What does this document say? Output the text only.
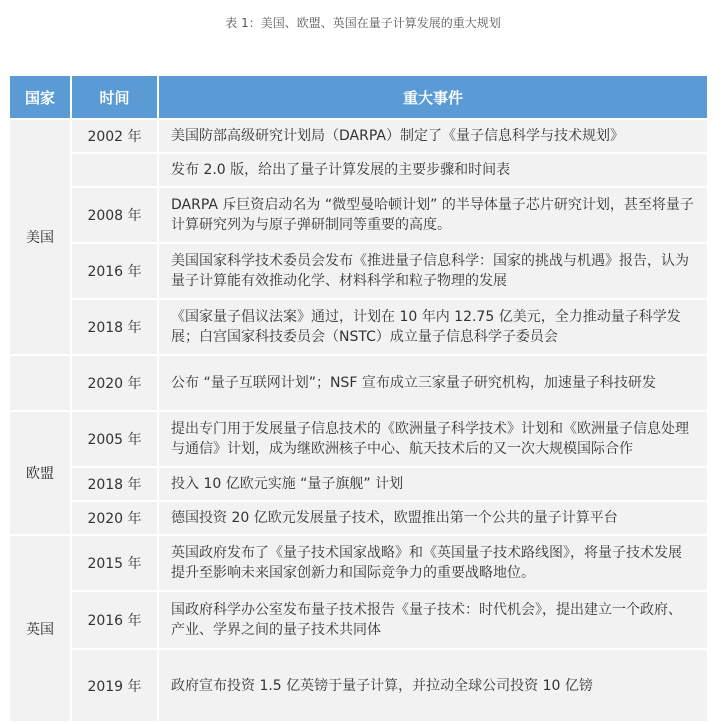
表 1：美国、欧盟、英国在量子计算发展的重大规划
国家	时间	重大事件
美国	2002 年	美国防部高级研究计划局（DARPA）制定了《量子信息科学与技术规划》
		发布 2.0 版，给出了量子计算发展的主要步骤和时间表
	2008 年	DARPA 斥巨资启动名为 “微型曼哈顿计划” 的半导体量子芯片研究计划，甚至将量子计算研究列为与原子弹研制同等重要的高度。
	2016 年	美国国家科学技术委员会发布《推进量子信息科学：国家的挑战与机遇》报告，认为量子计算能有效推动化学、材料科学和粒子物理的发展
	2018 年	《国家量子倡议法案》通过，计划在 10 年内 12.75 亿美元，全力推动量子科学发展；白宫国家科技委员会（NSTC）成立量子信息科学子委员会
	2020 年	公布 “量子互联网计划”；NSF 宣布成立三家量子研究机构，加速量子科技研发
欧盟	2005 年	提出专门用于发展量子信息技术的《欧洲量子科学技术》计划和《欧洲量子信息处理与通信》计划，成为继欧洲核子中心、航天技术后的又一次大规模国际合作
	2018 年	投入 10 亿欧元实施 “量子旗舰” 计划
	2020 年	德国投资 20 亿欧元发展量子技术，欧盟推出第一个公共的量子计算平台
英国	2015 年	英国政府发布了《量子技术国家战略》和《英国量子技术路线图》，将量子技术发展提升至影响未来国家创新力和国际竞争力的重要战略地位。
	2016 年	国政府科学办公室发布量子技术报告《量子技术：时代机会》，提出建立一个政府、产业、学界之间的量子技术共同体
	2019 年	政府宣布投资 1.5 亿英镑于量子计算，并拉动全球公司投资 10 亿镑
